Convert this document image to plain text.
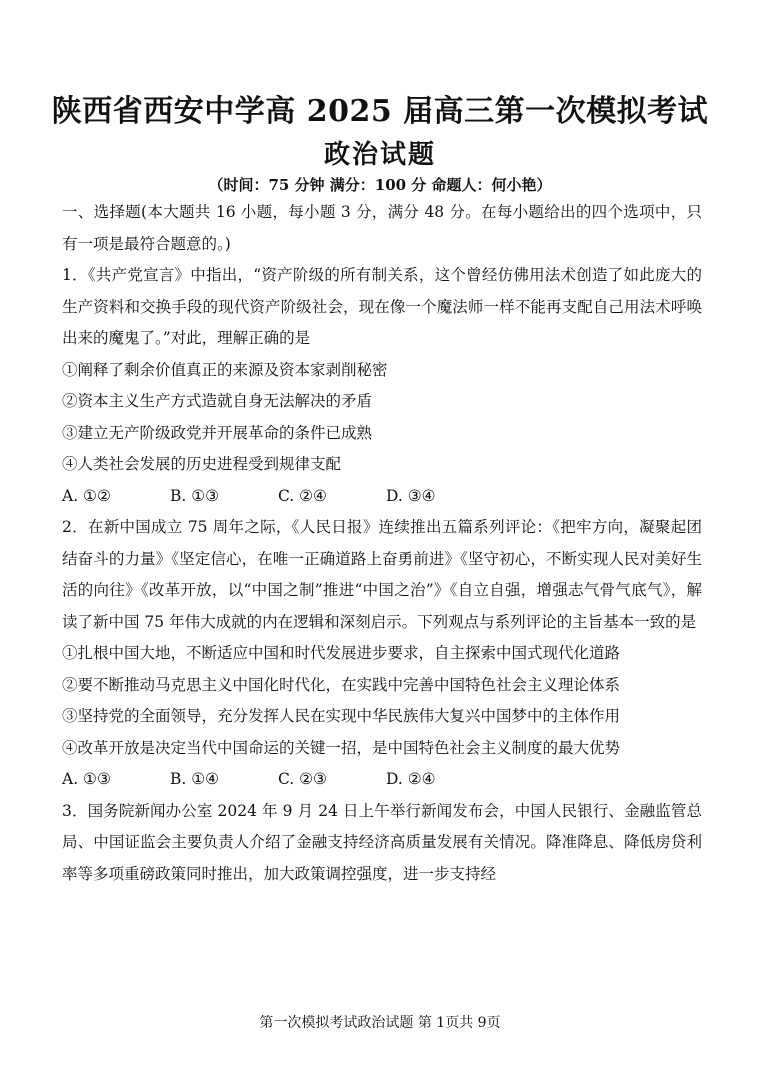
陕西省西安中学高 2025 届高三第一次模拟考试
政治试题
（时间：75 分钟 满分：100 分 命题人：何小艳）

一、选择题(本大题共 16 小题，每小题 3 分，满分 48 分。在每小题给出的四个选项中，只有一项是最符合题意的。)

1．《共产党宣言》中指出，“资产阶级的所有制关系，这个曾经仿佛用法术创造了如此庞大的生产资料和交换手段的现代资产阶级社会，现在像一个魔法师一样不能再支配自己用法术呼唤出来的魔鬼了。”对此，理解正确的是

①阐释了剩余价值真正的来源及资本家剥削秘密

②资本主义生产方式造就自身无法解决的矛盾

③建立无产阶级政党并开展革命的条件已成熟

④人类社会发展的历史进程受到规律支配

A. ①②	B. ①③	C. ②④	D. ③④

2．在新中国成立 75 周年之际，《人民日报》连续推出五篇系列评论：《把牢方向，凝聚起团结奋斗的力量》《坚定信心，在唯一正确道路上奋勇前进》《坚守初心，不断实现人民对美好生活的向往》《改革开放，以“中国之制”推进“中国之治”》《自立自强，增强志气骨气底气》，解读了新中国 75 年伟大成就的内在逻辑和深刻启示。下列观点与系列评论的主旨基本一致的是

①扎根中国大地，不断适应中国和时代发展进步要求，自主探索中国式现代化道路

②要不断推动马克思主义中国化时代化，在实践中完善中国特色社会主义理论体系

③坚持党的全面领导，充分发挥人民在实现中华民族伟大复兴中国梦中的主体作用

④改革开放是决定当代中国命运的关键一招，是中国特色社会主义制度的最大优势

A. ①③	B. ①④	C. ②③	D. ②④

3．国务院新闻办公室 2024 年 9 月 24 日上午举行新闻发布会，中国人民银行、金融监管总局、中国证监会主要负责人介绍了金融支持经济高质量发展有关情况。降准降息、降低房贷利率等多项重磅政策同时推出，加大政策调控强度，进一步支持经

第一次模拟考试政治试题 第 1页共 9页
